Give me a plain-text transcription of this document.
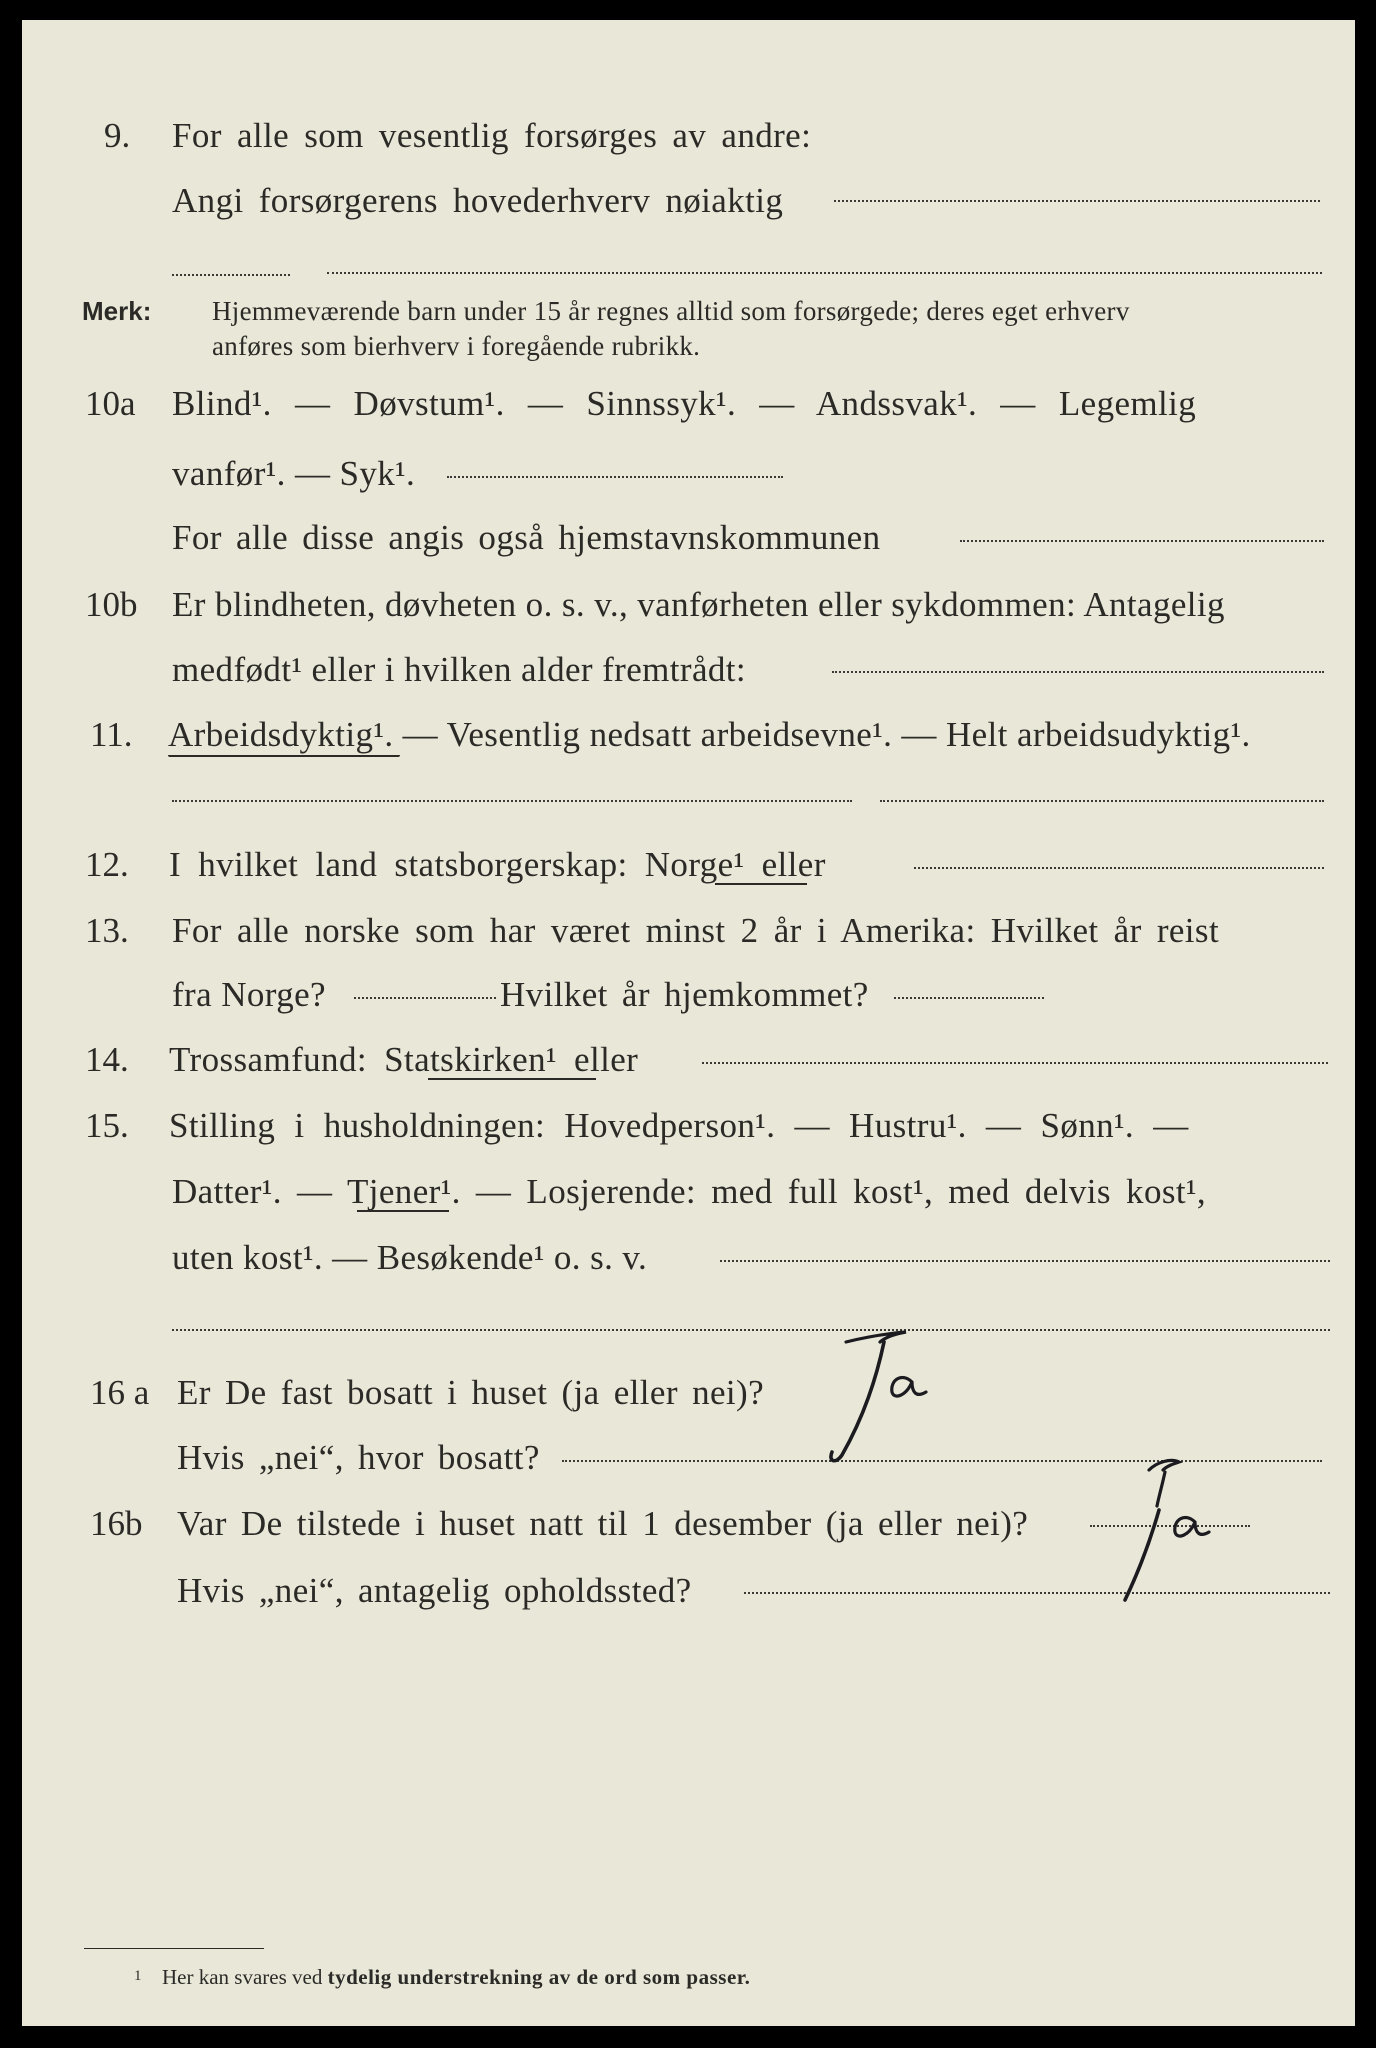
9. For alle som vesentlig forsørges av andre:
Angi forsørgerens hovederhverv nøiaktig
Merk: Hjemmeværende barn under 15 år regnes alltid som forsørgede; deres eget erhverv
anføres som bierhverv i foregående rubrikk.
10a Blind¹. — Døvstum¹. — Sinnssyk¹. — Andssvak¹. — Legemlig
vanfør¹. — Syk¹.
For alle disse angis også hjemstavnskommunen
10b Er blindheten, døvheten o. s. v., vanførheten eller sykdommen: Antagelig
medfødt¹ eller i hvilken alder fremtrådt:
11. Arbeidsdyktig¹. — Vesentlig nedsatt arbeidsevne¹. — Helt arbeidsudyktig¹.
12. I hvilket land statsborgerskap: Norge¹ eller
13. For alle norske som har været minst 2 år i Amerika: Hvilket år reist
fra Norge?	Hvilket år hjemkommet?
14. Trossamfund: Statskirken¹ eller
15. Stilling i husholdningen: Hovedperson¹. — Hustru¹. — Sønn¹. —
Datter¹. — Tjener¹. — Losjerende: med full kost¹, med delvis kost¹,
uten kost¹. — Besøkende¹ o. s. v.
16 a Er De fast bosatt i huset (ja eller nei)?
Hvis „nei“, hvor bosatt?
16b Var De tilstede i huset natt til 1 desember (ja eller nei)?
Hvis „nei“, antagelig opholdssted?
1 Her kan svares ved tydelig understrekning av de ord som passer.
